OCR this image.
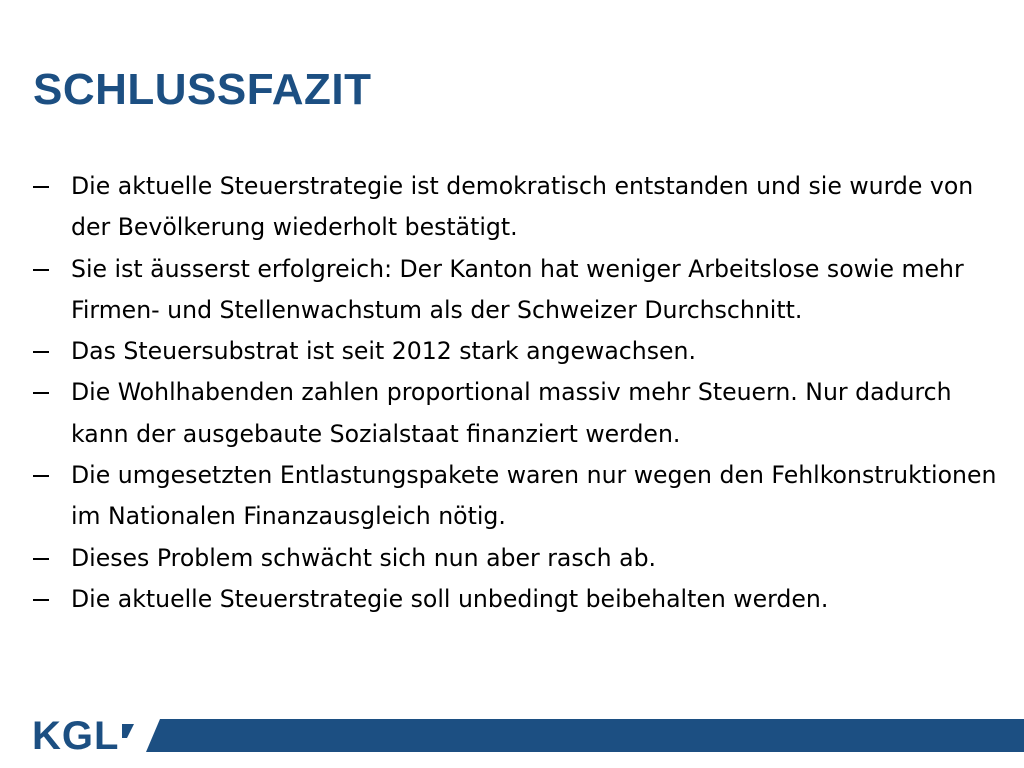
SCHLUSSFAZIT
Die aktuelle Steuerstrategie ist demokratisch entstanden und sie wurde von der Bevölkerung wiederholt bestätigt.
Sie ist äusserst erfolgreich: Der Kanton hat weniger Arbeitslose sowie mehr Firmen- und Stellenwachstum als der Schweizer Durchschnitt.
Das Steuersubstrat ist seit 2012 stark angewachsen.
Die Wohlhabenden zahlen proportional massiv mehr Steuern. Nur dadurch kann der ausgebaute Sozialstaat finanziert werden.
Die umgesetzten Entlastungspakete waren nur wegen den Fehlkonstruktionen im Nationalen Finanzausgleich nötig.
Dieses Problem schwächt sich nun aber rasch ab.
Die aktuelle Steuerstrategie soll unbedingt beibehalten werden.
KGL
